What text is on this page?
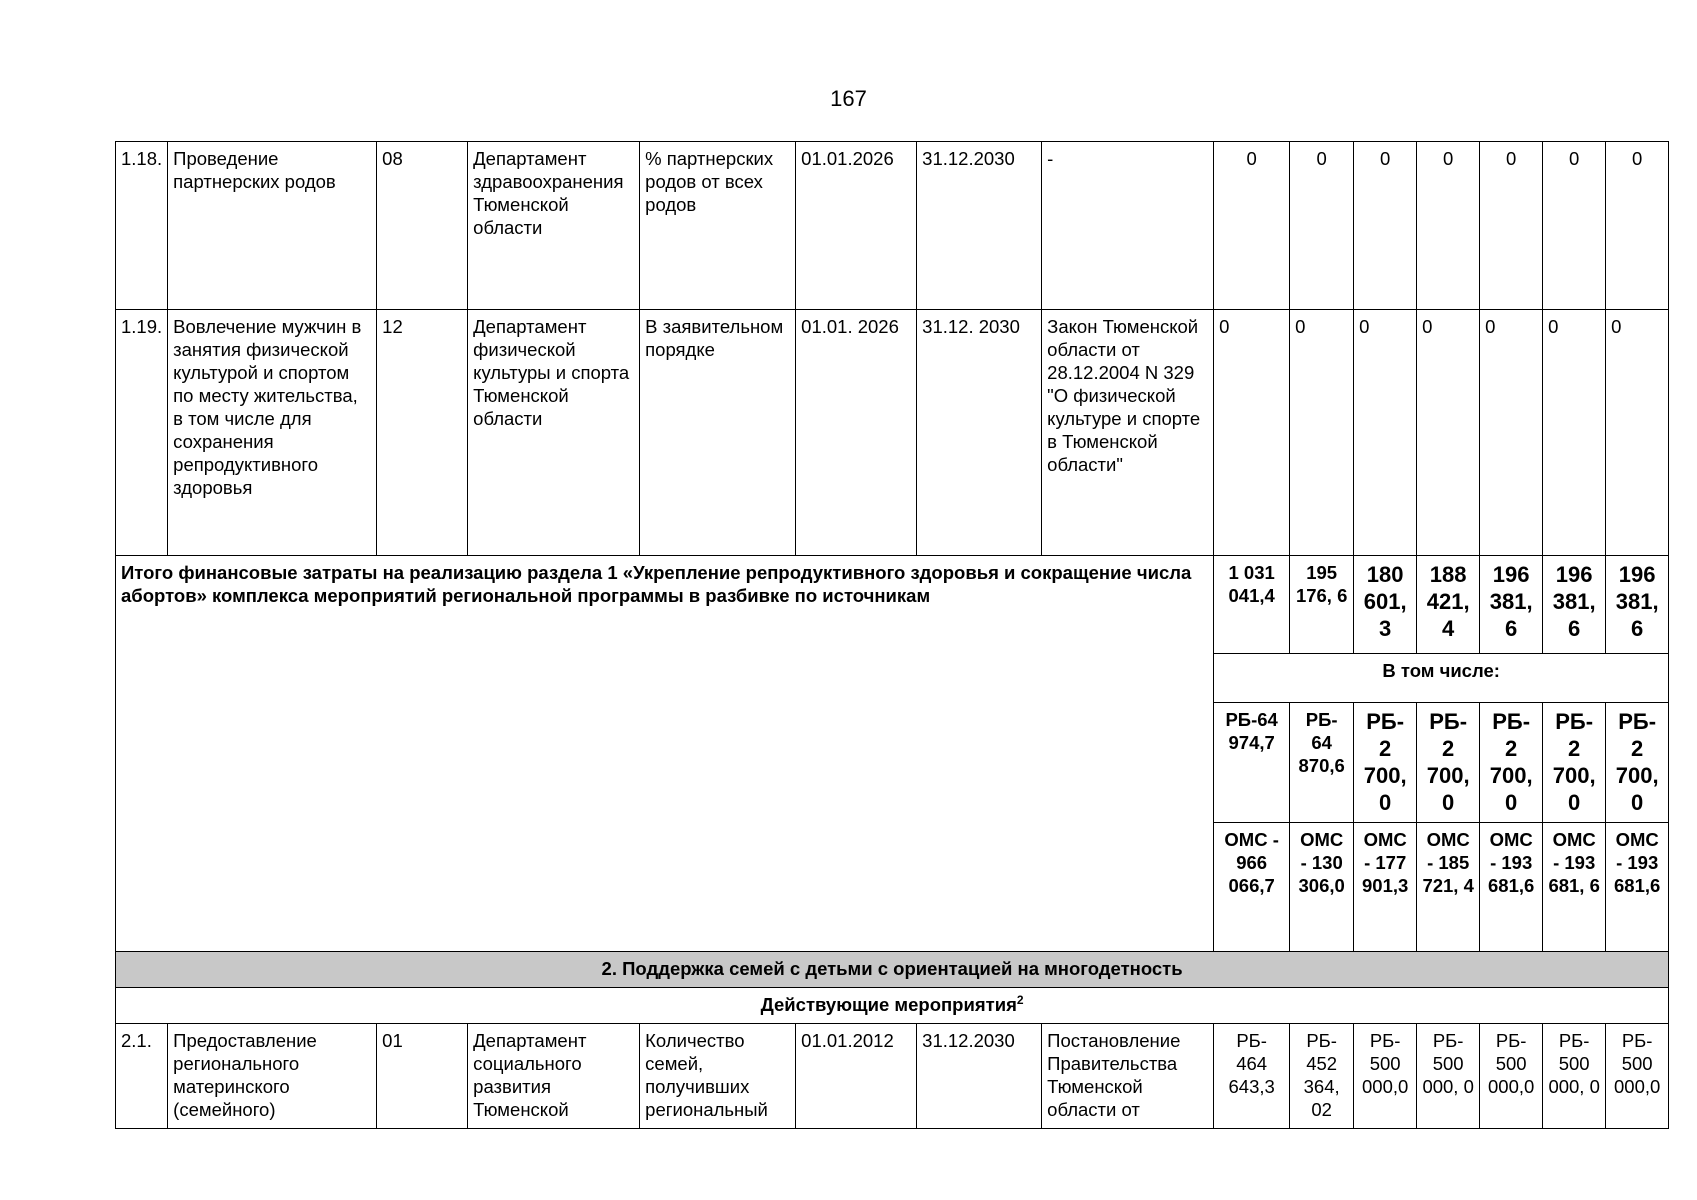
167
1.18.	Проведение партнерских родов	08	Департамент здравоохранения Тюменской области	% партнерских родов от всех родов	01.01.2026	31.12.2030	-	0	0	0	0	0	0	0
1.19.	Вовлечение мужчин в занятия физической культурой и спортом по месту жительства, в том числе для сохранения репродуктивного здоровья	12	Департамент физической культуры и спорта Тюменской области	В заявительном порядке	01.01. 2026	31.12. 2030	Закон Тюменской области от 28.12.2004 N 329 "О физической культуре и спорте в Тюменской области"	0	0	0	0	0	0	0
Итого финансовые затраты на реализацию раздела 1 «Укрепление репродуктивного здоровья и сокращение числа абортов» комплекса мероприятий региональной программы в разбивке по источникам								1 031 041,4	195 176, 6	180 601, 3	188 421, 4	196 381, 6	196 381, 6	196 381, 6
								В том числе:						
								РБ-64 974,7	РБ- 64 870,6	РБ- 2 700, 0	РБ- 2 700, 0	РБ- 2 700, 0	РБ- 2 700, 0	РБ- 2 700, 0
								ОМС - 966 066,7	ОМС - 130 306,0	ОМС - 177 901,3	ОМС - 185 721, 4	ОМС - 193 681,6	ОМС - 193 681, 6	ОМС - 193 681,6
2. Поддержка семей с детьми с ориентацией на многодетность														
Действующие мероприятия$^2$
2.1.	Предоставление регионального материнского (семейного)	01	Департамент социального развития Тюменской	Количество семей, получивших региональный	01.01.2012	31.12.2030	Постановление Правительства Тюменской области от	РБ- 464 643,3	РБ- 452 364, 02	РБ- 500 000,0	РБ- 500 000, 0	РБ- 500 000,0	РБ- 500 000, 0	РБ- 500 000,0
